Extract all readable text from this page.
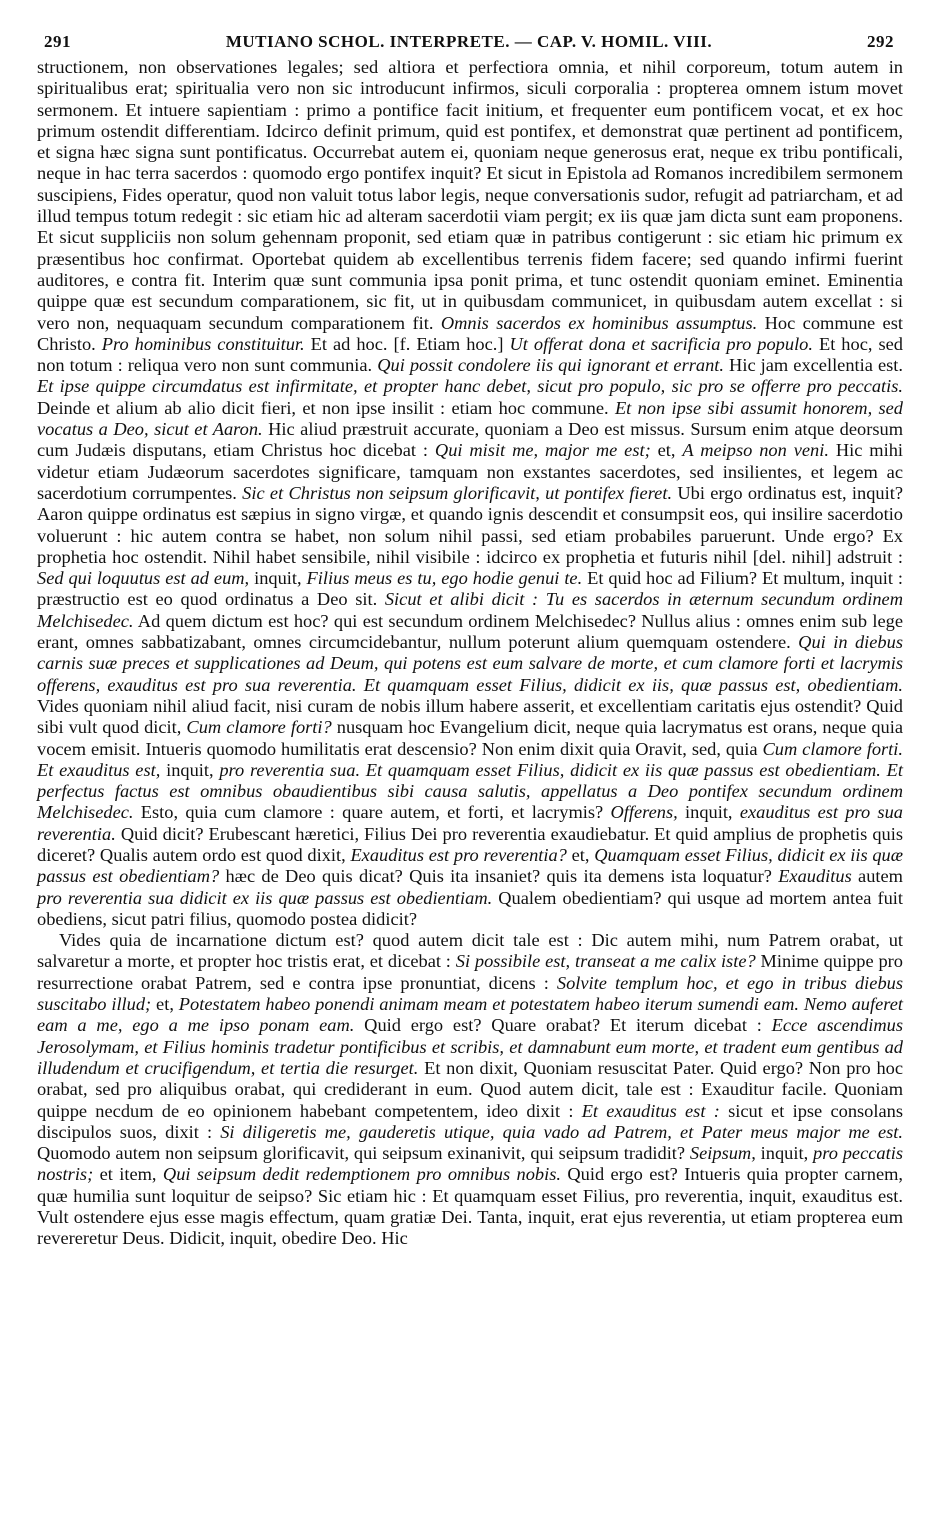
291	MUTIANO SCHOL. INTERPRETE. — CAP. V. HOMIL. VIII.	292

structionem, non observationes legales; sed altiora et perfectiora omnia, et nihil corporeum, totum autem in spiritualibus erat; spiritualia vero non sic introducunt infirmos, siculi corporalia : propterea omnem istum movet sermonem. Et intuere sapientiam : primo a pontifice facit initium, et frequenter eum pontificem vocat, et ex hoc primum ostendit differentiam. Idcirco definit primum, quid est pontifex, et demonstrat quæ pertinent ad pontificem, et signa hæc signa sunt pontificatus. Occurrebat autem ei, quoniam neque generosus erat, neque ex tribu pontificali, neque in hac terra sacerdos : quomodo ergo pontifex inquit? Et sicut in Epistola ad Romanos incredibilem sermonem suscipiens, Fides operatur, quod non valuit totus labor legis, neque conversationis sudor, refugit ad patriarcham, et ad illud tempus totum redegit : sic etiam hic ad alteram sacerdotii viam pergit; ex iis quæ jam dicta sunt eam proponens. Et sicut suppliciis non solum gehennam proponit, sed etiam quæ in patribus contigerunt : sic etiam hic primum ex præsentibus hoc confirmat. Oportebat quidem ab excellentibus terrenis fidem facere; sed quando infirmi fuerint auditores, e contra fit. Interim quæ sunt communia ipsa ponit prima, et tunc ostendit quoniam eminet. Eminentia quippe quæ est secundum comparationem, sic fit, ut in quibusdam communicet, in quibusdam autem excellat : si vero non, nequaquam secundum comparationem fit. Omnis sacerdos ex hominibus assumptus. Hoc commune est Christo. Pro hominibus constituitur. Et ad hoc. [f. Etiam hoc.] Ut offerat dona et sacrificia pro populo. Et hoc, sed non totum : reliqua vero non sunt communia. Qui possit condolere iis qui ignorant et errant. Hic jam excellentia est. Et ipse quippe circumdatus est infirmitate, et propter hanc debet, sicut pro populo, sic pro se offerre pro peccatis. Deinde et alium ab alio dicit fieri, et non ipse insilit : etiam hoc commune. Et non ipse sibi assumit honorem, sed vocatus a Deo, sicut et Aaron. Hic aliud præstruit accurate, quoniam a Deo est missus. Sursum enim atque deorsum cum Judæis disputans, etiam Christus hoc dicebat : Qui misit me, major me est; et, A meipso non veni. Hic mihi videtur etiam Judæorum sacerdotes significare, tamquam non exstantes sacerdotes, sed insilientes, et legem ac sacerdotium corrumpentes. Sic et Christus non seipsum glorificavit, ut pontifex fieret. Ubi ergo ordinatus est, inquit? Aaron quippe ordinatus est sæpius in signo virgæ, et quando ignis descendit et consumpsit eos, qui insilire sacerdotio voluerunt : hic autem contra se habet, non solum nihil passi, sed etiam probabiles paruerunt. Unde ergo? Ex prophetia hoc ostendit. Nihil habet sensibile, nihil visibile : idcirco ex prophetia et futuris nihil [del. nihil] adstruit : Sed qui loquutus est ad eum, inquit, Filius meus es tu, ego hodie genui te. Et quid hoc ad Filium? Et multum, inquit : præstructio est eo quod ordinatus a Deo sit. Sicut et alibi dicit : Tu es sacerdos in æternum secundum ordinem Melchisedec. Ad quem dictum est hoc? qui est secundum ordinem Melchisedec? Nullus alius : omnes enim sub lege erant, omnes sabbatizabant, omnes circumcidebantur, nullum poterunt alium quemquam ostendere. Qui in diebus carnis suæ preces et supplicationes ad Deum, qui potens est eum salvare de morte, et cum clamore forti et lacrymis offerens, exauditus est pro sua reverentia. Et quamquam esset Filius, didicit ex iis, quæ passus est, obedientiam. Vides quoniam nihil aliud facit, nisi curam de nobis illum habere asserit, et excellentiam caritatis ejus ostendit? Quid sibi vult quod dicit, Cum clamore forti? nusquam hoc Evangelium dicit, neque quia lacrymatus est orans, neque quia vocem emisit. Intueris quomodo humilitatis erat descensio? Non enim dixit quia Oravit, sed, quia Cum clamore forti. Et exauditus est, inquit, pro reverentia sua. Et quamquam esset Filius, didicit ex iis quæ passus est obedientiam. Et perfectus factus est omnibus obaudientibus sibi causa salutis, appellatus a Deo pontifex secundum ordinem Melchisedec. Esto, quia cum clamore : quare autem, et forti, et lacrymis? Offerens, inquit, exauditus est pro sua reverentia. Quid dicit? Erubescant hæretici, Filius Dei pro reverentia exaudiebatur. Et quid amplius de prophetis quis diceret? Qualis autem ordo est quod dixit, Exauditus est pro reverentia? et, Quamquam esset Filius, didicit ex iis quæ passus est obedientiam? hæc de Deo quis dicat? Quis ita insaniet? quis ita demens ista loquatur? Exauditus autem pro reverentia sua didicit ex iis quæ passus est obedientiam. Qualem obedientiam? qui usque ad mortem antea fuit obediens, sicut patri filius, quomodo postea didicit?

Vides quia de incarnatione dictum est? quod autem dicit tale est : Dic autem mihi, num Patrem orabat, ut salvaretur a morte, et propter hoc tristis erat, et dicebat : Si possibile est, transeat a me calix iste? Minime quippe pro resurrectione orabat Patrem, sed e contra ipse pronuntiat, dicens : Solvite templum hoc, et ego in tribus diebus suscitabo illud; et, Potestatem habeo ponendi animam meam et potestatem habeo iterum sumendi eam. Nemo auferet eam a me, ego a me ipso ponam eam. Quid ergo est? Quare orabat? Et iterum dicebat : Ecce ascendimus Jerosolymam, et Filius hominis tradetur pontificibus et scribis, et damnabunt eum morte, et tradent eum gentibus ad illudendum et crucifigendum, et tertia die resurget. Et non dixit, Quoniam resuscitat Pater. Quid ergo? Non pro hoc orabat, sed pro aliquibus orabat, qui crediderant in eum. Quod autem dicit, tale est : Exauditur facile. Quoniam quippe necdum de eo opinionem habebant competentem, ideo dixit : Et exauditus est : sicut et ipse consolans discipulos suos, dixit : Si diligeretis me, gauderetis utique, quia vado ad Patrem, et Pater meus major me est. Quomodo autem non seipsum glorificavit, qui seipsum exinanivit, qui seipsum tradidit? Seipsum, inquit, pro peccatis nostris; et item, Qui seipsum dedit redemptionem pro omnibus nobis. Quid ergo est? Intueris quia propter carnem, quæ humilia sunt loquitur de seipso? Sic etiam hic : Et quamquam esset Filius, pro reverentia, inquit, exauditus est. Vult ostendere ejus esse magis effectum, quam gratiæ Dei. Tanta, inquit, erat ejus reverentia, ut etiam propterea eum revereretur Deus. Didicit, inquit, obedire Deo. Hic
